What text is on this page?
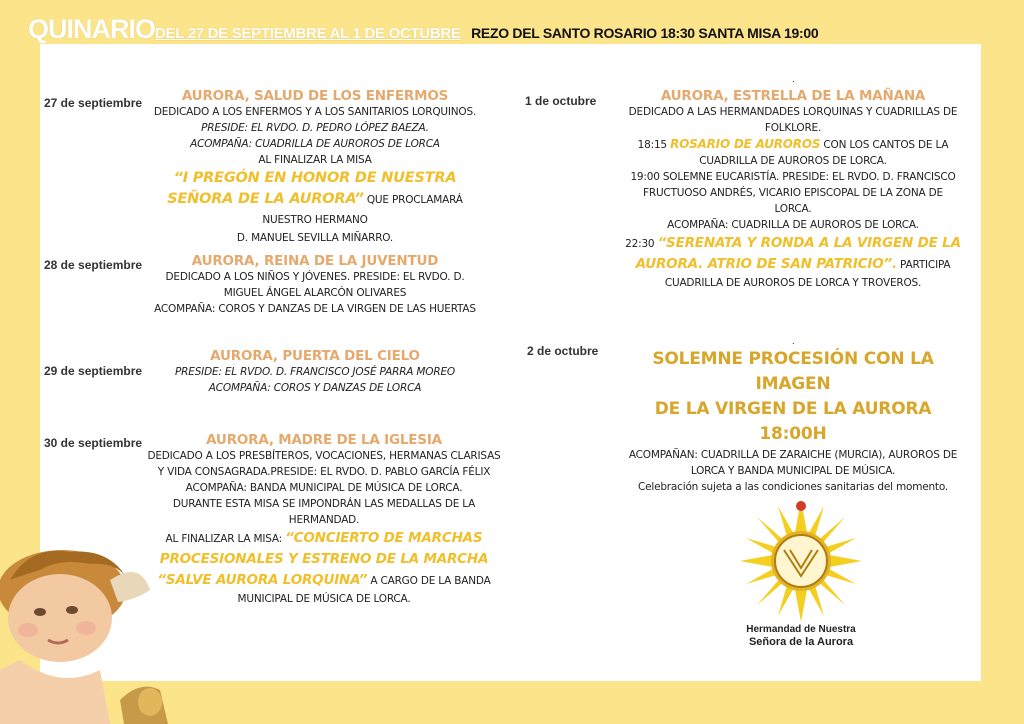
QUINARIODEL 27 DE SEPTIEMBRE AL 1 DE OCTUBRE REZO DEL SANTO ROSARIO 18:30 SANTA MISA 19:00
27 de septiembre	AURORA, SALUD DE LOS ENFERMOS

DEDICADO A LOS ENFERMOS Y A LOS SANITARIOS LORQUINOS.

PRESIDE: EL RVDO. D. PEDRO LÓPEZ BAEZA.

ACOMPAÑA: CUADRILLA DE AUROROS DE LORCA

AL FINALIZAR LA MISA

“I PREGÓN EN HONOR DE NUESTRA SEÑORA DE LA AURORA” QUE PROCLAMARÁ NUESTRO HERMANO

D. MANUEL SEVILLA MIÑARRO.

28 de septiembre	AURORA, REINA DE LA JUVENTUD

DEDICADO A LOS NIÑOS Y JÓVENES. PRESIDE: EL RVDO. D.

MIGUEL ÁNGEL ALARCÓN OLIVARES

ACOMPAÑA: COROS Y DANZAS DE LA VIRGEN DE LAS HUERTAS

29 de septiembre

AURORA, PUERTA DEL CIELO

PRESIDE: EL RVDO. D. FRANCISCO JOSÉ PARRA MOREO

ACOMPAÑA: COROS Y DANZAS DE LORCA

30 de septiembre	AURORA, MADRE DE LA IGLESIA

DEDICADO A LOS PRESBÍTEROS, VOCACIONES, HERMANAS CLARISAS

Y VIDA CONSAGRADA.PRESIDE: EL RVDO. D. PABLO GARCÍA FÉLIX

ACOMPAÑA: BANDA MUNICIPAL DE MÚSICA DE LORCA.

DURANTE ESTA MISA SE IMPONDRÁN LAS MEDALLAS DE LA

HERMANDAD.

AL FINALIZAR LA MISA: “CONCIERTO DE MARCHAS

PROCESIONALES Y ESTRENO DE LA MARCHA

“SALVE AURORA LORQUINA” A CARGO DE LA BANDA

MUNICIPAL DE MÚSICA DE LORCA.

.
1 de octubre	AURORA, ESTRELLA DE LA MAÑANA

DEDICADO A LAS HERMANDADES LORQUINAS Y CUADRILLAS DE

FOLKLORE.

18:15 ROSARIO DE AUROROS CON LOS CANTOS DE LA

CUADRILLA DE AUROROS DE LORCA.

19:00 SOLEMNE EUCARISTÍA. PRESIDE: EL RVDO. D. FRANCISCO

FRUCTUOSO ANDRÉS, VICARIO EPISCOPAL DE LA ZONA DE

LORCA.

ACOMPAÑA: CUADRILLA DE AUROROS DE LORCA.

22:30 “SERENATA Y RONDA A LA VIRGEN DE LA

AURORA. ATRIO DE SAN PATRICIO”. PARTICIPA

CUADRILLA DE AUROROS DE LORCA Y TROVEROS.

.
2 de octubre	SOLEMNE PROCESIÓN CON LA IMAGEN

DE LA VIRGEN DE LA AURORA

18:00H

ACOMPAÑAN: CUADRILLA DE ZARAICHE (MURCIA), AUROROS DE

LORCA Y BANDA MUNICIPAL DE MÚSICA.

Celebración sujeta a las condiciones sanitarias del momento.

Hermandad de Nuestra
Señora de la Aurora
